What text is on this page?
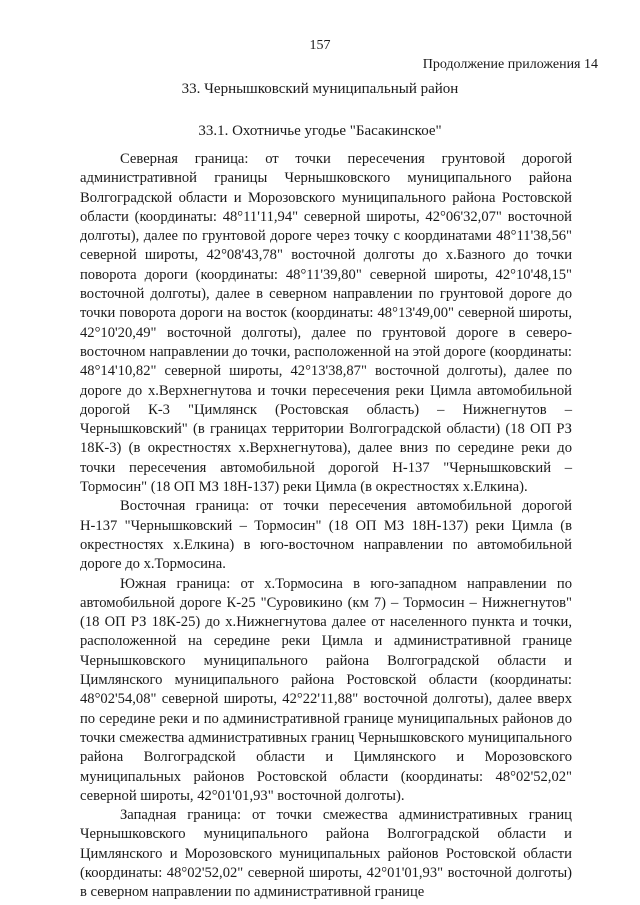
157
Продолжение приложения 14
33. Чернышковский муниципальный район
33.1. Охотничье угодье "Басакинское"

Северная граница: от точки пересечения грунтовой дорогой административной границы Чернышковского муниципального района Волгоградской области и Морозовского муниципального района Ростовской области (координаты: 48°11'11,94" северной широты, 42°06'32,07" восточной долготы), далее по грунтовой дороге через точку с координатами 48°11'38,56" северной широты, 42°08'43,78" восточной долготы до х.Базного до точки поворота дороги (координаты: 48°11'39,80" северной широты, 42°10'48,15" восточной долготы), далее в северном направлении по грунтовой дороге до точки поворота дороги на восток (координаты: 48°13'49,00" северной широты, 42°10'20,49" восточной долготы), далее по грунтовой дороге в северо-восточном направлении до точки, расположенной на этой дороге (координаты: 48°14'10,82" северной широты, 42°13'38,87" восточной долготы), далее по дороге до х.Верхнегнутова и точки пересечения реки Цимла автомобильной дорогой К-3 "Цимлянск (Ростовская область) – Нижнегнутов – Чернышковский" (в границах территории Волгоградской области) (18 ОП РЗ 18К-3) (в окрестностях х.Верхнегнутова), далее вниз по середине реки до точки пересечения автомобильной дорогой Н-137 "Чернышковский – Тормосин" (18 ОП МЗ 18Н-137) реки Цимла (в окрестностях х.Елкина).

Восточная граница: от точки пересечения автомобильной дорогой Н-137 "Чернышковский – Тормосин" (18 ОП МЗ 18Н-137) реки Цимла (в окрестностях х.Елкина) в юго-восточном направлении по автомобильной дороге до х.Тормосина.

Южная граница: от х.Тормосина в юго-западном направлении по автомобильной дороге К-25 "Суровикино (км 7) – Тормосин – Нижнегнутов" (18 ОП РЗ 18К-25) до х.Нижнегнутова далее от населенного пункта и точки, расположенной на середине реки Цимла и административной границе Чернышковского муниципального района Волгоградской области и Цимлянского муниципального района Ростовской области (координаты: 48°02'54,08" северной широты, 42°22'11,88" восточной долготы), далее вверх по середине реки и по административной границе муниципальных районов до точки смежества административных границ Чернышковского муниципального района Волгоградской области и Цимлянского и Морозовского муниципальных районов Ростовской области (координаты: 48°02'52,02" северной широты, 42°01'01,93" восточной долготы).

Западная граница: от точки смежества административных границ Чернышковского муниципального района Волгоградской области и Цимлянского и Морозовского муниципальных районов Ростовской области (координаты: 48°02'52,02" северной широты, 42°01'01,93" восточной долготы) в северном направлении по административной границе
